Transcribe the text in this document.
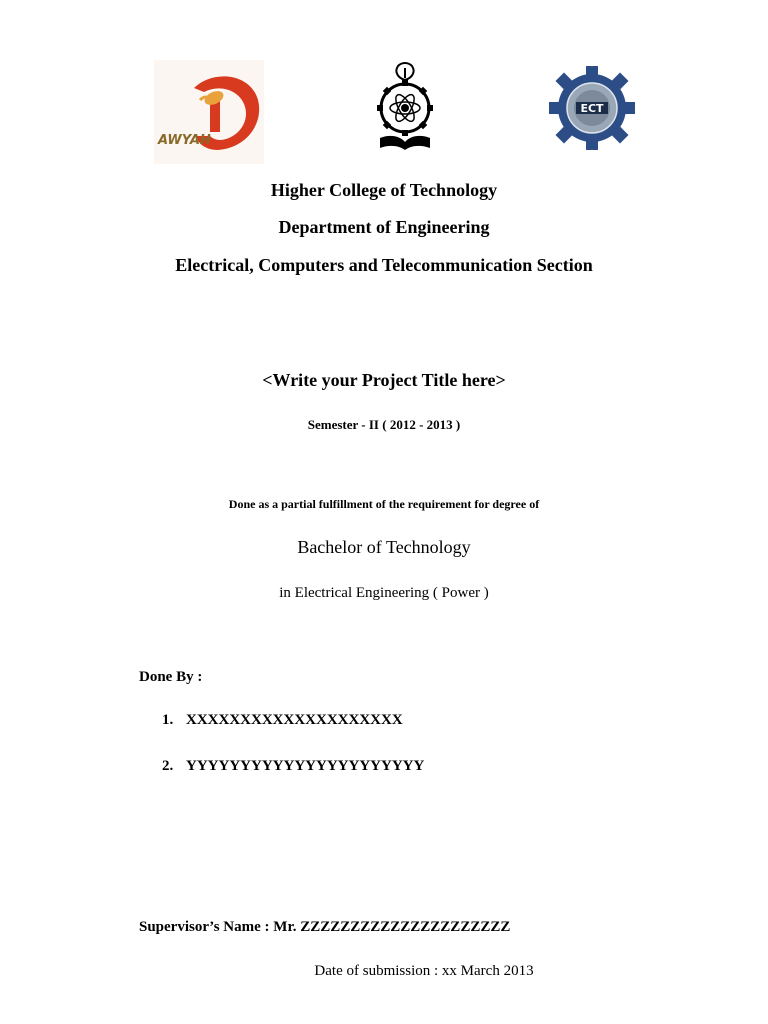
AWYAH
ECT
Higher College of Technology
Department of Engineering
Electrical, Computers and Telecommunication Section
<Write your Project Title here>
Semester - II ( 2012 - 2013 )
Done as a partial fulfillment of the requirement for degree of
Bachelor of Technology
in Electrical Engineering ( Power )
Done By :
1. XXXXXXXXXXXXXXXXXXXX
2. YYYYYYYYYYYYYYYYYYYYYY
Supervisor’s Name : Mr. ZZZZZZZZZZZZZZZZZZZZZ
Date of submission : xx March 2013
